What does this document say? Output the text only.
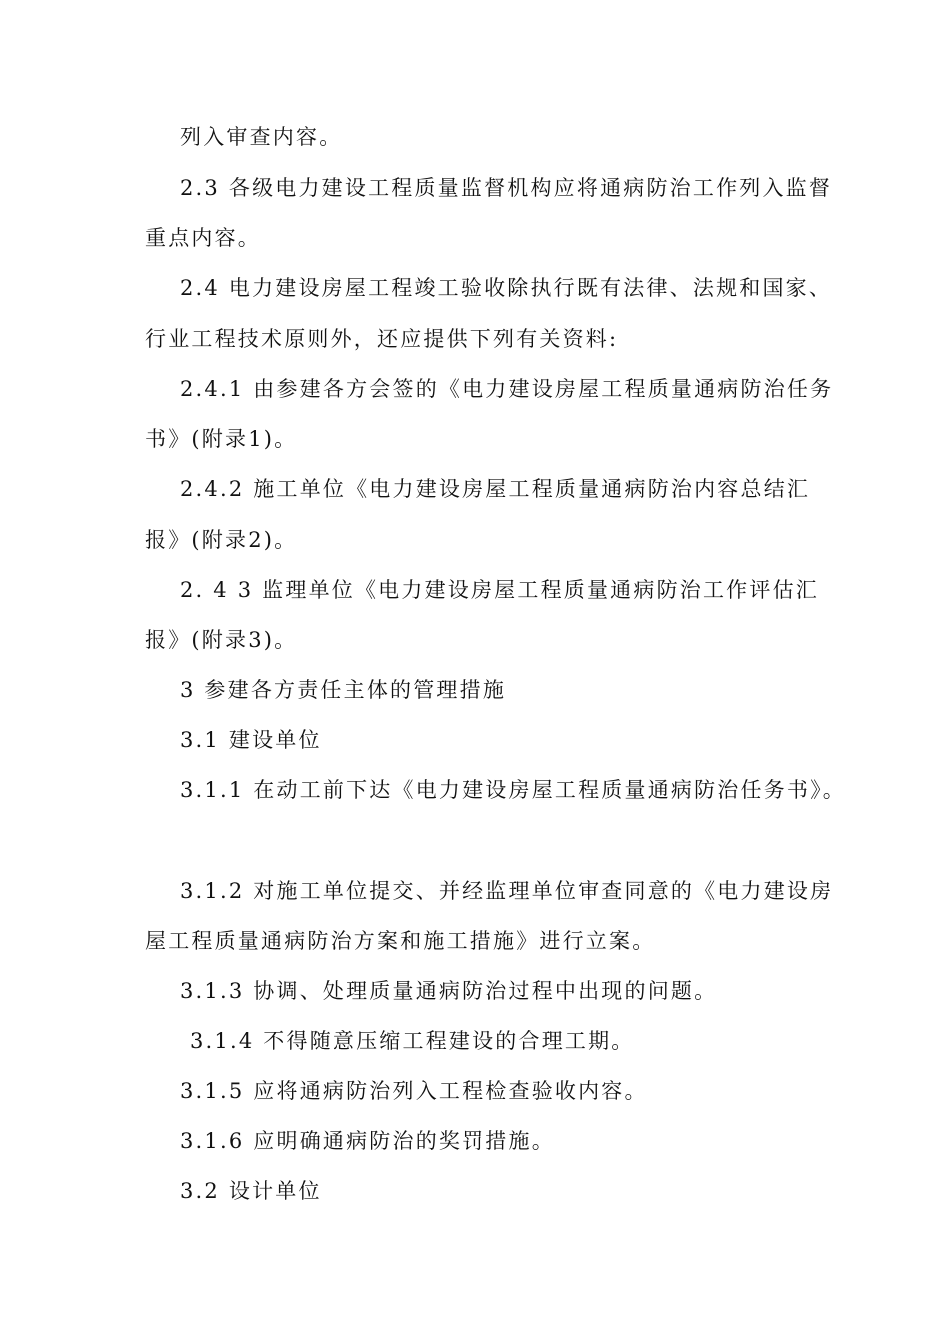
列入审查内容。
2.3 各级电力建设工程质量监督机构应将通病防治工作列入监督
重点内容。
2.4 电力建设房屋工程竣工验收除执行既有法律、法规和国家、
行业工程技术原则外，还应提供下列有关资料:
2.4.1 由参建各方会签的《电力建设房屋工程质量通病防治任务
书》(附录1)。
2.4.2 施工单位《电力建设房屋工程质量通病防治内容总结汇
报》(附录2)。
2. 4 3 监理单位《电力建设房屋工程质量通病防治工作评估汇
报》(附录3)。
3 参建各方责任主体的管理措施
3.1 建设单位
3.1.1 在动工前下达《电力建设房屋工程质量通病防治任务书》。
3.1.2 对施工单位提交、并经监理单位审查同意的《电力建设房
屋工程质量通病防治方案和施工措施》进行立案。
3.1.3 协调、处理质量通病防治过程中出现的问题。
3.1.4 不得随意压缩工程建设的合理工期。
3.1.5 应将通病防治列入工程检查验收内容。
3.1.6 应明确通病防治的奖罚措施。
3.2 设计单位
